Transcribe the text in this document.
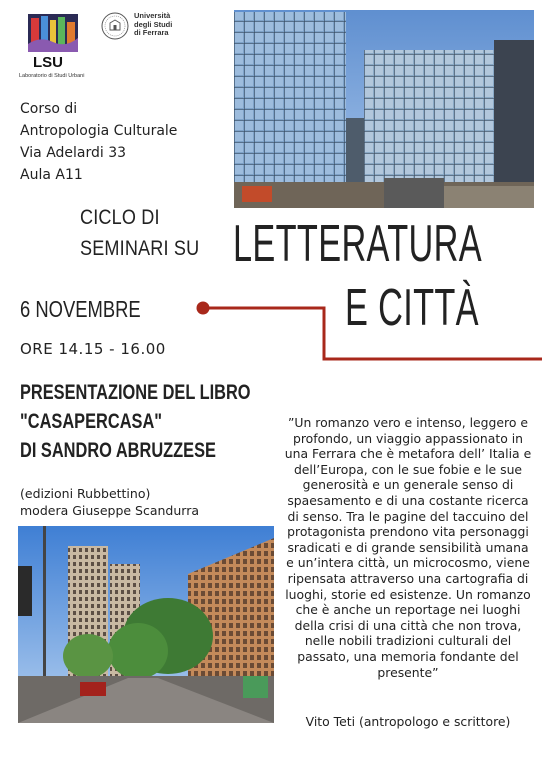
LSU
Laboratorio di Studi Urbani
Università
degli Studi
di Ferrara
Corso di
Antropologia Culturale
Via Adelardi 33
Aula A11
CICLO DI
SEMINARI SU LETTERATURA
E CITTÀ
6 NOVEMBRE
ORE 14.15 - 16.00
PRESENTAZIONE DEL LIBRO
"CASAPERCASA"
DI SANDRO ABRUZZESE
(edizioni Rubbettino)
modera Giuseppe Scandurra
”Un romanzo vero e intenso, leggero e profondo, un viaggio appassionato in una Ferrara che è metafora dell’ Italia e dell’Europa, con le sue fobie e le sue generosità e un generale senso di spaesamento e di una costante ricerca di senso. Tra le pagine del taccuino del protagonista prendono vita personaggi sradicati e di grande sensibilità umana e un’intera città, un microcosmo, viene ripensata attraverso una cartografia di luoghi, storie ed esistenze. Un romanzo che è anche un reportage nei luoghi della crisi di una città che non trova, nelle nobili tradizioni culturali del passato, una memoria fondante del presente”
Vito Teti (antropologo e scrittore)
